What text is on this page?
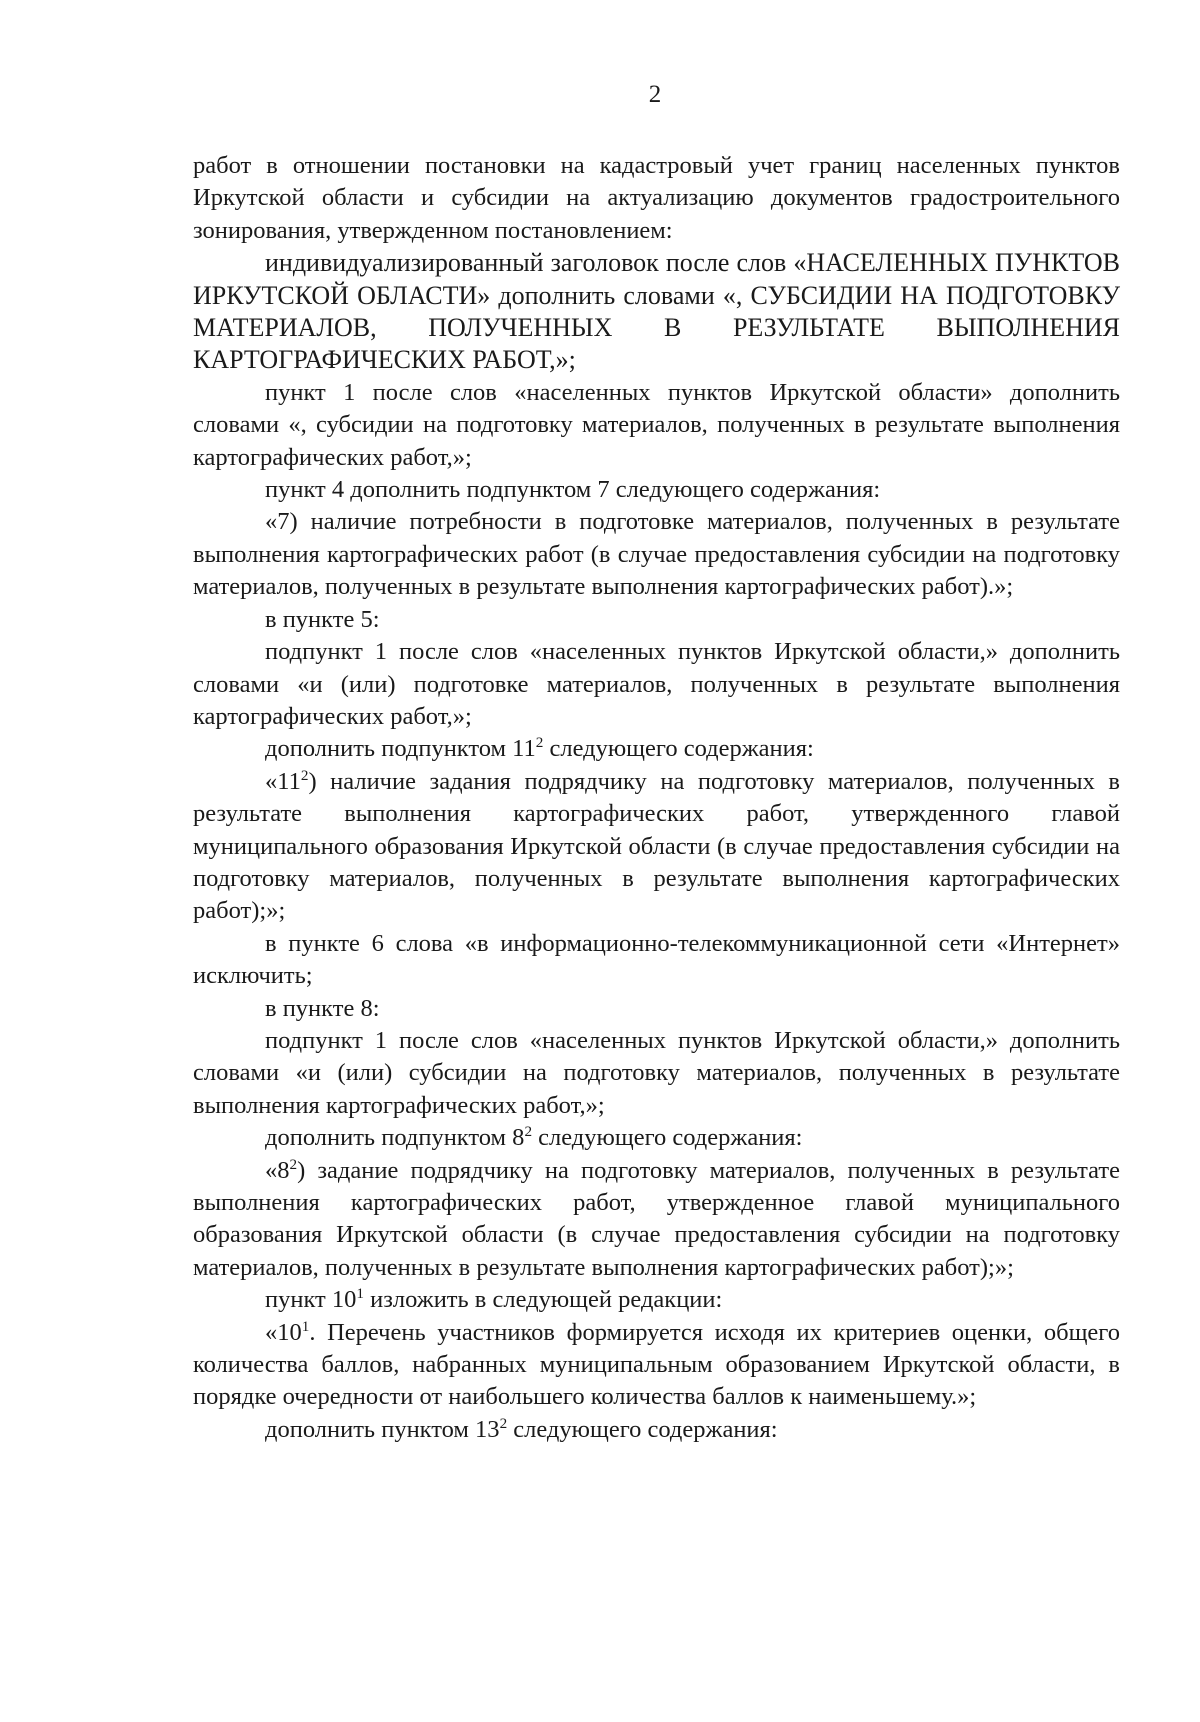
2

работ в отношении постановки на кадастровый учет границ населенных пунктов Иркутской области и субсидии на актуализацию документов градостроительного зонирования, утвержденном постановлением:

индивидуализированный заголовок после слов «НАСЕЛЕННЫХ ПУНКТОВ ИРКУТСКОЙ ОБЛАСТИ» дополнить словами «, СУБСИДИИ НА ПОДГОТОВКУ МАТЕРИАЛОВ, ПОЛУЧЕННЫХ В РЕЗУЛЬТАТЕ ВЫПОЛНЕНИЯ КАРТОГРАФИЧЕСКИХ РАБОТ,»;

пункт 1 после слов «населенных пунктов Иркутской области» дополнить словами «, субсидии на подготовку материалов, полученных в результате выполнения картографических работ,»;

пункт 4 дополнить подпунктом 7 следующего содержания:

«7) наличие потребности в подготовке материалов, полученных в результате выполнения картографических работ (в случае предоставления субсидии на подготовку материалов, полученных в результате выполнения картографических работ).»;

в пункте 5:

подпункт 1 после слов «населенных пунктов Иркутской области,» дополнить словами «и (или) подготовке материалов, полученных в результате выполнения картографических работ,»;

дополнить подпунктом $11^2$ следующего содержания:

«$11^2$) наличие задания подрядчику на подготовку материалов, полученных в результате выполнения картографических работ, утвержденного главой муниципального образования Иркутской области (в случае предоставления субсидии на подготовку материалов, полученных в результате выполнения картографических работ);»;

в пункте 6 слова «в информационно-телекоммуникационной сети «Интернет» исключить;

в пункте 8:

подпункт 1 после слов «населенных пунктов Иркутской области,» дополнить словами «и (или) субсидии на подготовку материалов, полученных в результате выполнения картографических работ,»;

дополнить подпунктом $8^2$ следующего содержания:

«$8^2$) задание подрядчику на подготовку материалов, полученных в результате выполнения картографических работ, утвержденное главой муниципального образования Иркутской области (в случае предоставления субсидии на подготовку материалов, полученных в результате выполнения картографических работ);»;

пункт $10^1$ изложить в следующей редакции:

«$10^1$. Перечень участников формируется исходя их критериев оценки, общего количества баллов, набранных муниципальным образованием Иркутской области, в порядке очередности от наибольшего количества баллов к наименьшему.»;

дополнить пунктом $13^2$ следующего содержания:
